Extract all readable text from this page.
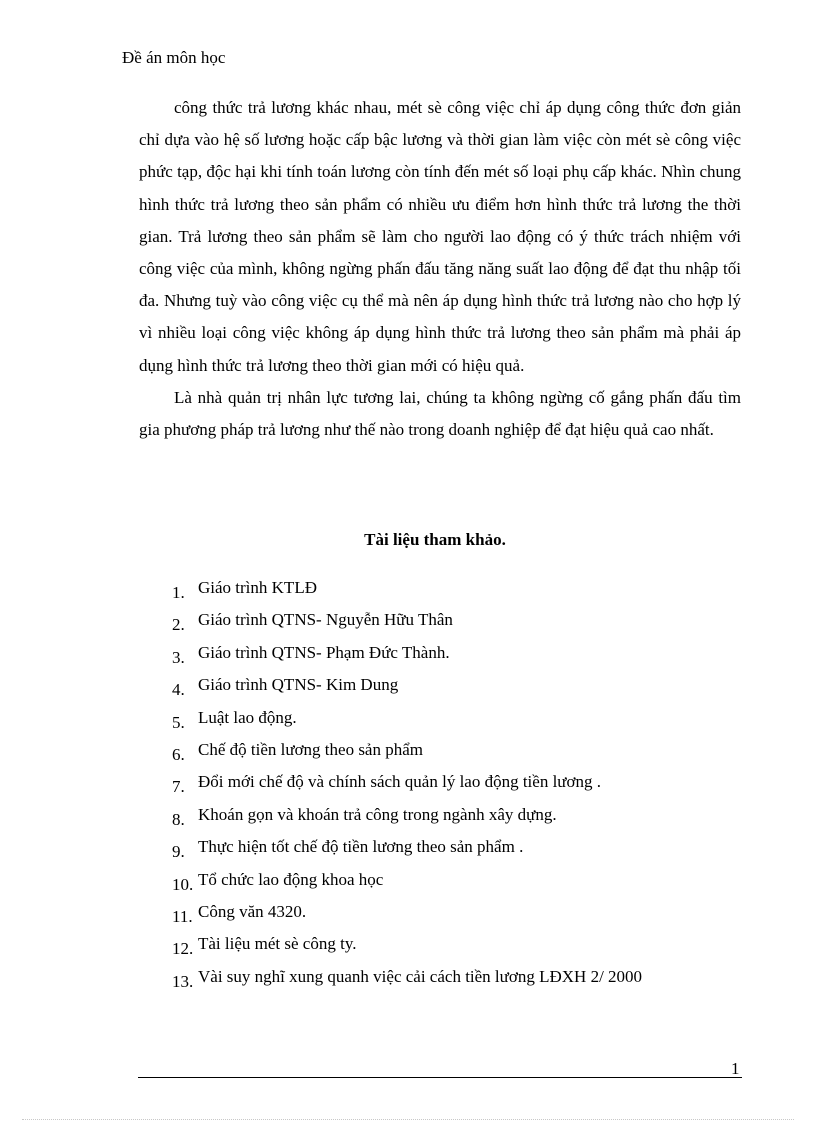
Đề án môn học

công thức trả lương khác nhau, mét sè công việc chỉ áp dụng công thức đơn giản chỉ dựa vào hệ số lương hoặc cấp bậc lương và thời gian làm việc còn mét sè công việc phức tạp, độc hại khi tính toán lương còn tính đến mét số loại phụ cấp khác. Nhìn chung hình thức trả lương theo sản phẩm có nhiều ưu điểm hơn hình thức trả lương the thời gian. Trả lương theo sản phẩm sẽ làm cho người lao động có ý thức trách nhiệm với công việc của mình, không ngừng phấn đấu tăng năng suất lao động để đạt thu nhập tối đa. Nhưng tuỳ vào công việc cụ thể mà nên áp dụng hình thức trả lương nào cho hợp lý vì nhiều loại công việc không áp dụng hình thức trả lương theo sản phẩm mà phải áp dụng hình thức trả lương theo thời gian mới có hiệu quả.

Là nhà quản trị nhân lực tương lai, chúng ta không ngừng cố gắng phấn đấu tìm gia phương pháp trả lương như thế nào trong doanh nghiệp để đạt hiệu quả cao nhất.

Tài liệu tham khảo.
1. Giáo trình KTLĐ
2. Giáo trình QTNS- Nguyễn Hữu Thân
3. Giáo trình QTNS- Phạm Đức Thành.
4. Giáo trình QTNS- Kim Dung
5. Luật lao động.
6. Chế độ tiền lương theo sản phẩm
7. Đổi mới chế độ và chính sách quản lý lao động tiền lương .
8. Khoán gọn và khoán trả công trong ngành xây dựng.
9. Thực hiện tốt chế độ tiền lương theo sản phẩm .
10. Tổ chức lao động khoa học
11. Công văn 4320.
12. Tài liệu mét sè công ty.
13. Vài suy nghĩ xung quanh việc cải cách tiền lương LĐXH 2/ 2000
1
